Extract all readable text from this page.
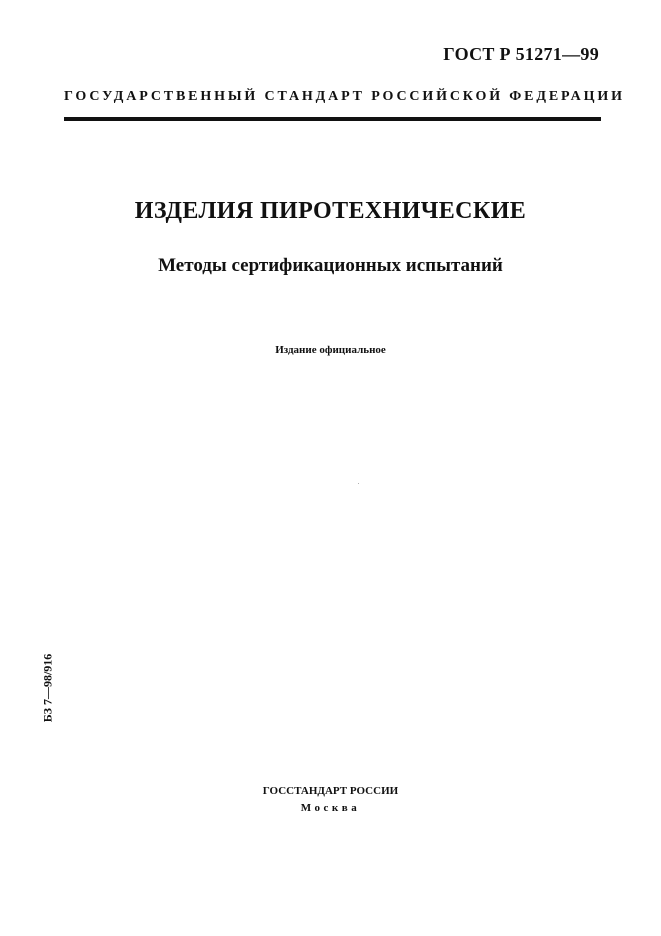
ГОСТ Р 51271—99
ГОСУДАРСТВЕННЫЙ СТАНДАРТ РОССИЙСКОЙ ФЕДЕРАЦИИ
ИЗДЕЛИЯ ПИРОТЕХНИЧЕСКИЕ
Методы сертификационных испытаний
Издание официальное
БЗ 7—98/916
ГОССТАНДАРТ РОССИИ
Москва
